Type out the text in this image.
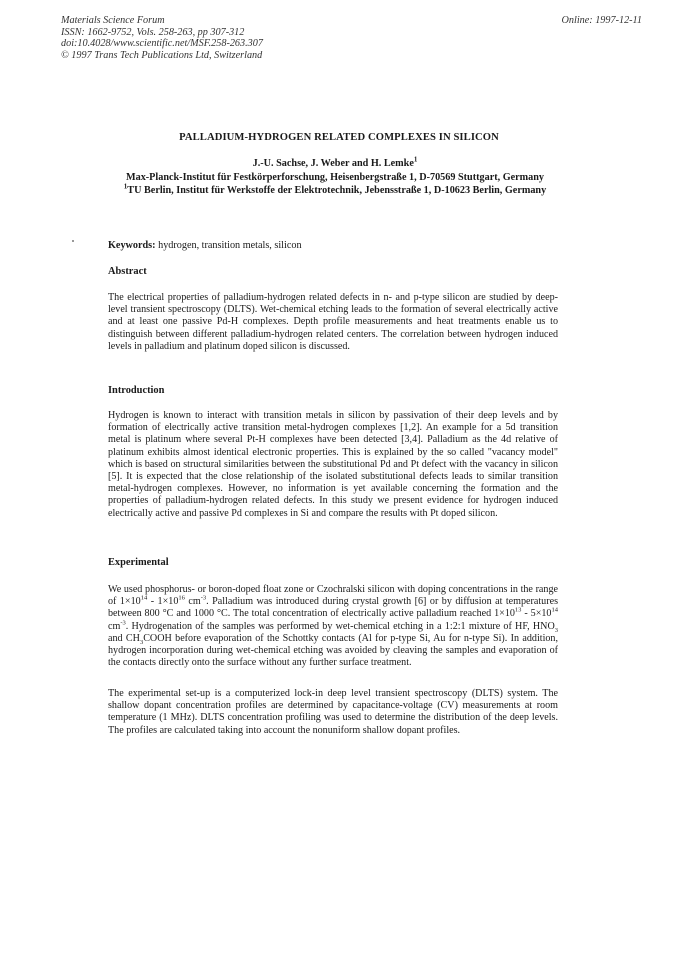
Materials Science Forum
ISSN: 1662-9752, Vols. 258-263, pp 307-312
doi:10.4028/www.scientific.net/MSF.258-263.307
© 1997 Trans Tech Publications Ltd, Switzerland
Online: 1997-12-11
PALLADIUM-HYDROGEN RELATED COMPLEXES IN SILICON
J.-U. Sachse, J. Weber and H. Lemke$^1$
Max-Planck-Institut für Festkörperforschung, Heisenbergstraße 1, D-70569 Stuttgart, Germany
$^1$TU Berlin, Institut für Werkstoffe der Elektrotechnik, Jebensstraße 1, D-10623 Berlin, Germany
Keywords: hydrogen, transition metals, silicon
Abstract
The electrical properties of palladium-hydrogen related defects in n- and p-type silicon are studied by deep-level transient spectroscopy (DLTS). Wet-chemical etching leads to the formation of several electrically active and at least one passive Pd-H complexes. Depth profile measurements and heat treatments enable us to distinguish between different palladium-hydrogen related centers. The correlation between hydrogen induced levels in palladium and platinum doped silicon is discussed.
Introduction
Hydrogen is known to interact with transition metals in silicon by passivation of their deep levels and by formation of electrically active transition metal-hydrogen complexes [1,2]. An example for a 5d transition metal is platinum where several Pt-H complexes have been detected [3,4]. Palladium as the 4d relative of platinum exhibits almost identical electronic properties. This is explained by the so called "vacancy model" which is based on structural similarities between the substitutional Pd and Pt defect with the vacancy in silicon [5]. It is expected that the close relationship of the isolated substitutional defects leads to similar transition metal-hydrogen complexes. However, no information is yet available concerning the formation and the properties of palladium-hydrogen related defects. In this study we present evidence for hydrogen induced electrically active and passive Pd complexes in Si and compare the results with Pt doped silicon.
Experimental
We used phosphorus- or boron-doped float zone or Czochralski silicon with doping concentrations in the range of $1\times 10^{14} - 1\times 10^{16}$ $cm^{-3}$. Palladium was introduced during crystal growth [6] or by diffusion at temperatures between 800 °C and 1000 °C. The total concentration of electrically active palladium reached $1\times 10^{13} - 5\times 10^{14}$ $cm^{-3}$. Hydrogenation of the samples was performed by wet-chemical etching in a 1:2:1 mixture of HF, $HNO_3$ and $CH_3COOH$ before evaporation of the Schottky contacts (Al for p-type Si, Au for n-type Si). In addition, hydrogen incorporation during wet-chemical etching was avoided by cleaving the samples and evaporation of the contacts directly onto the surface without any further surface treatment.
The experimental set-up is a computerized lock-in deep level transient spectroscopy (DLTS) system. The shallow dopant concentration profiles are determined by capacitance-voltage (CV) measurements at room temperature (1 MHz). DLTS concentration profiling was used to determine the distribution of the deep levels. The profiles are calculated taking into account the nonuniform shallow dopant profiles.
